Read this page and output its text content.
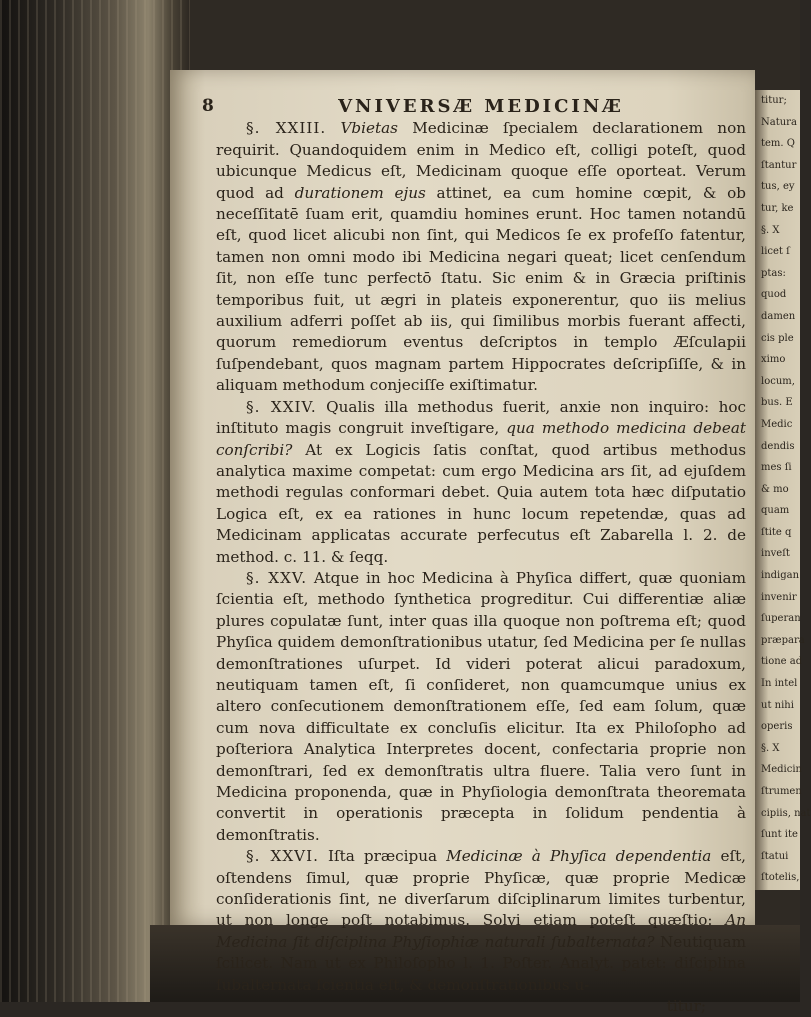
titur;
Natura
tem. Q
ſtantur
tus, ey
tur, ke
§. X
licet ſ
ptas:
quod
damen
cis ple
ximo
locum,
bus. E
Medic
dendis
mes ſi
& mo
quam
ſtite q
inveſt
indigan
invenir
ſuperan
præpara
tione ad
In intel
ut nihi
operis
§. X
Medicin
ſtrumen
cipiis, nat
ſunt ite
ſtatui
ſtotelis,
8	VNIVERSÆ MEDICINÆ

§. XXIII. Vbietas Medicinæ ſpecialem declarationem non requirit. Quandoquidem enim in Medico eſt, colligi poteſt, quod ubicunque Medicus eſt, Medicinam quoque eſſe oporteat. Verum quod ad durationem ejus attinet, ea cum homine cœpit, & ob neceſſitatē ſuam erit, quamdiu homines erunt. Hoc tamen notandū eſt, quod licet alicubi non ſint, qui Medicos ſe ex profeſſo fatentur, tamen non omni modo ibi Medicina negari queat; licet cenſendum ſit, non eſſe tunc perfectō ſtatu. Sic enim & in Græcia priſtinis temporibus fuit, ut ægri in plateis exponerentur, quo iis melius auxilium adferri poſſet ab iis, qui ſimilibus morbis fuerant affecti, quorum remediorum eventus deſcriptos in templo Æſculapii ſuſpendebant, quos magnam partem Hippocrates deſcripſiſſe, & in aliquam methodum conjeciſſe exiſtimatur.

§. XXIV. Qualis illa methodus fuerit, anxie non inquiro: hoc inſtituto magis congruit inveſtigare, qua methodo medicina debeat conſcribi? At ex Logicis ſatis conſtat, quod artibus methodus analytica maxime competat: cum ergo Medicina ars ſit, ad ejuſdem methodi regulas conformari debet. Quia autem tota hæc diſputatio Logica eſt, ex ea rationes in hunc locum repetendæ, quas ad Medicinam applicatas accurate perfecutus eſt Zabarella l. 2. de method. c. 11. & ſeqq.

§. XXV. Atque in hoc Medicina à Phyſica differt, quæ quoniam ſcientia eſt, methodo ſynthetica progreditur. Cui differentiæ aliæ plures copulatæ ſunt, inter quas illa quoque non poſtrema eſt; quod Phyſica quidem demonſtrationibus utatur, ſed Medicina per ſe nullas demonſtrationes uſurpet. Id videri poterat alicui paradoxum, neutiquam tamen eſt, ſi conſideret, non quamcumque unius ex altero conſecutionem demonſtrationem eſſe, ſed eam ſolum, quæ cum nova difficultate ex concluſis elicitur. Ita ex Philoſopho ad poſteriora Analytica Interpretes docent, confectaria proprie non demonſtrari, ſed ex demonſtratis ultra fluere. Talia vero ſunt in Medicina proponenda, quæ in Phyſiologia demonſtrata theoremata convertit in operationis præcepta in ſolidum pendentia à demonſtratis.

§. XXVI. Iſta præcipua Medicinæ à Phyſica dependentia eſt, oſtendens ſimul, quæ proprie Phyſicæ, quæ proprie Medicæ conſiderationis ſint, ne diverſarum diſciplinarum limites turbentur, ut non longe poſt notabimus. Solvi etiam poteſt quæſtio: An Medicina ſit diſciplina Phyſiophiæ naturali ſubalternata? Neutiquam ſcilicet. Nam ut ex Philoſopho l. 1. Poſter. Analyt. patet: diſciplina ſubalternata ſcientia eſt, & demonſtrationibus u-

titur;
